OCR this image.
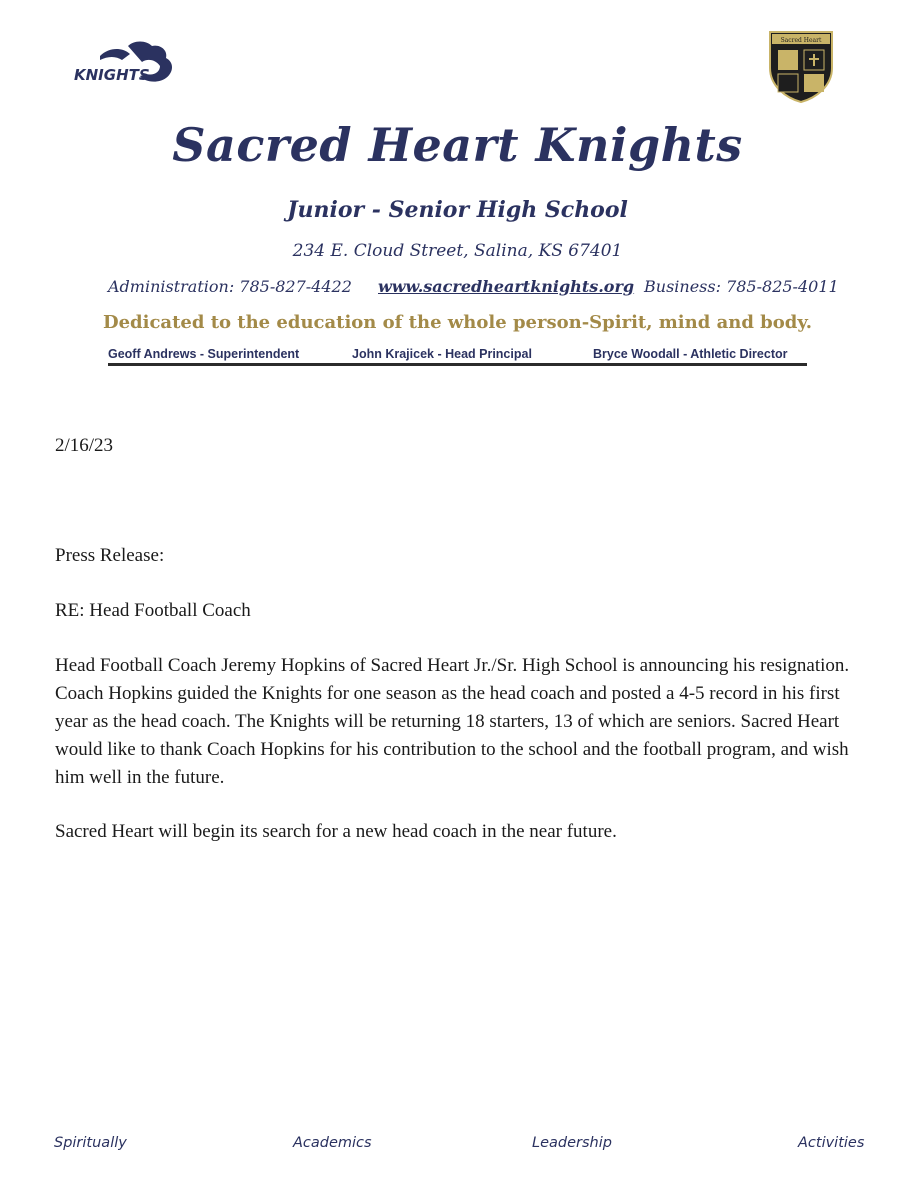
KNIGHTS
Sacred Heart
Sacred Heart Knights
Junior - Senior High School
234 E. Cloud Street, Salina, KS 67401
Administration: 785-827-4422 www.sacredheartknights.org Business: 785-825-4011
Dedicated to the education of the whole person-Spirit, mind and body.
Geoff Andrews - Superintendent	John Krajicek - Head Principal	Bryce Woodall - Athletic Director
2/16/23
Press Release:
RE: Head Football Coach
Head Football Coach Jeremy Hopkins of Sacred Heart Jr./Sr. High School is announcing his resignation. Coach Hopkins guided the Knights for one season as the head coach and posted a 4-5 record in his first year as the head coach. The Knights will be returning 18 starters, 13 of which are seniors. Sacred Heart would like to thank Coach Hopkins for his contribution to the school and the football program, and wish him well in the future.
Sacred Heart will begin its search for a new head coach in the near future.
Spiritually	Academics	Leadership	Activities
